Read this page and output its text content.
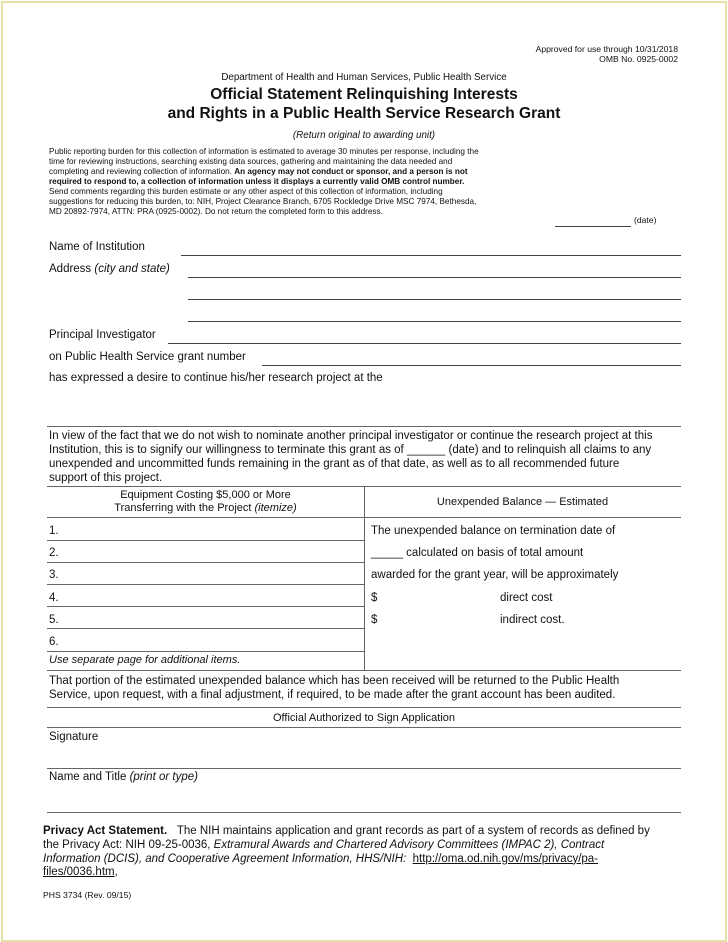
Approved for use through 10/31/2018
OMB No. 0925-0002
Department of Health and Human Services, Public Health Service
Official Statement Relinquishing Interests
and Rights in a Public Health Service Research Grant
(Return original to awarding unit)
Public reporting burden for this collection of information is estimated to average 30 minutes per response, including the
time for reviewing instructions, searching existing data sources, gathering and maintaining the data needed and
completing and reviewing collection of information. An agency may not conduct or sponsor, and a person is not
required to respond to, a collection of information unless it displays a currently valid OMB control number.
Send comments regarding this burden estimate or any other aspect of this collection of information, including
suggestions for reducing this burden, to: NIH, Project Clearance Branch, 6705 Rockledge Drive MSC 7974, Bethesda,
MD 20892-7974, ATTN: PRA (0925-0002). Do not return the completed form to this address.
(date)
Name of Institution
Address (city and state)
Principal Investigator
on Public Health Service grant number
has expressed a desire to continue his/her research project at the
In view of the fact that we do not wish to nominate another principal investigator or continue the research project at this
Institution, this is to signify our willingness to terminate this grant as of ______ (date) and to relinquish all claims to any
unexpended and uncommitted funds remaining in the grant as of that date, as well as to all recommended future
support of this project.
Equipment Costing $5,000 or More
Transferring with the Project (itemize)	Unexpended Balance — Estimated
1.
2.
3.
4.
5.
6.
Use separate page for additional items.
The unexpended balance on termination date of
_____ calculated on basis of total amount
awarded for the grant year, will be approximately
$	direct cost
$	indirect cost.
That portion of the estimated unexpended balance which has been received will be returned to the Public Health
Service, upon request, with a final adjustment, if required, to be made after the grant account has been audited.
Official Authorized to Sign Application
Signature
Name and Title (print or type)
Privacy Act Statement. The NIH maintains application and grant records as part of a system of records as defined by
the Privacy Act: NIH 09-25-0036, Extramural Awards and Chartered Advisory Committees (IMPAC 2), Contract
Information (DCIS), and Cooperative Agreement Information, HHS/NIH: http://oma.od.nih.gov/ms/privacy/pa-
files/0036.htm,
PHS 3734 (Rev. 09/15)
